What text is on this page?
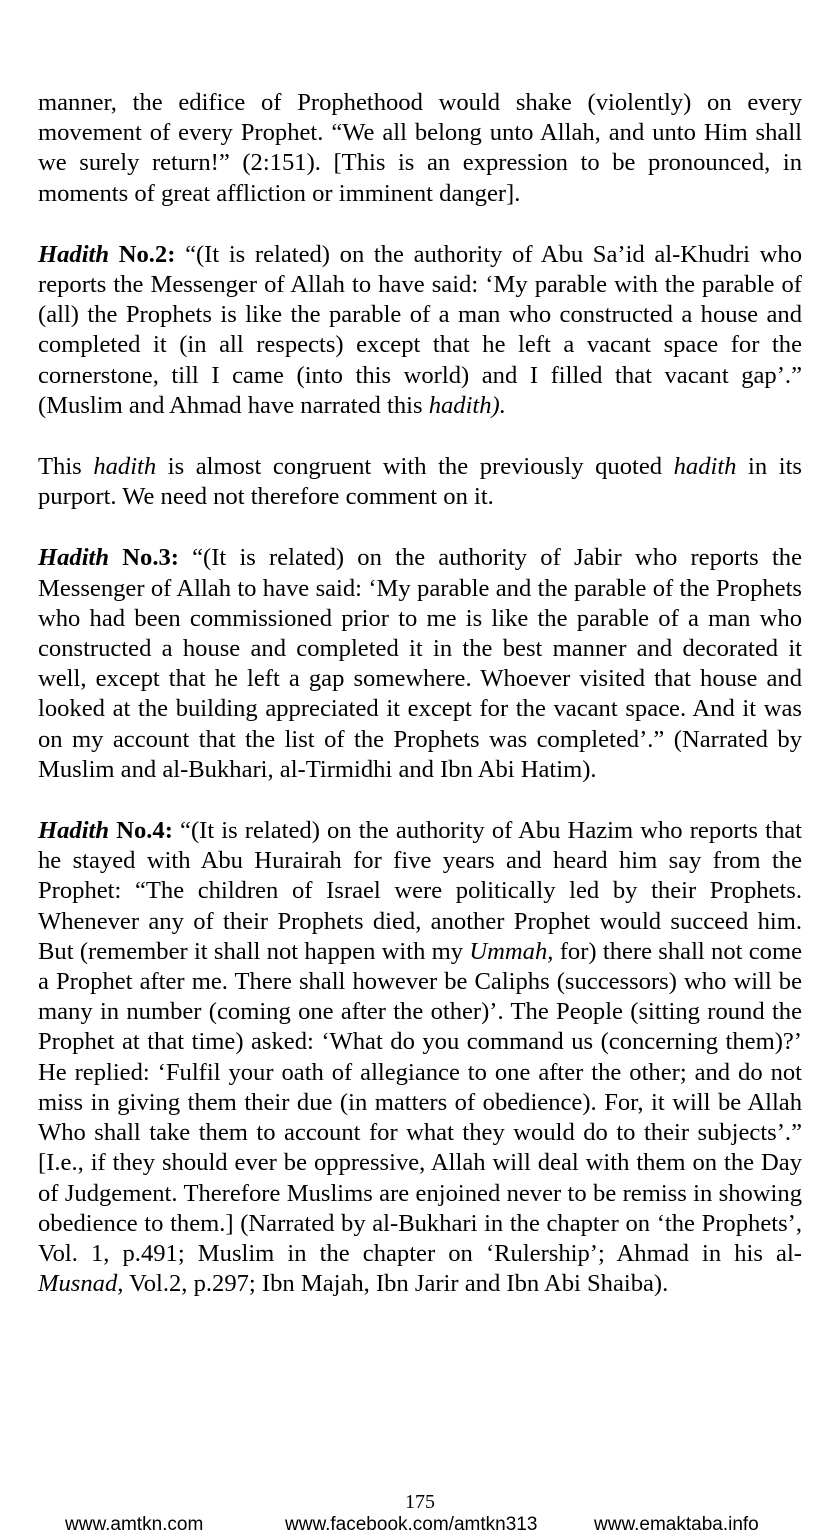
manner, the edifice of Prophethood would shake (violently) on every movement of every Prophet. “We all belong unto Allah, and unto Him shall we surely return!” (2:151). [This is an expression to be pronounced, in moments of great affliction or imminent danger].

Hadith No.2: “(It is related) on the authority of Abu Sa’id al-Khudri who reports the Messenger of Allah to have said: ‘My parable with the parable of (all) the Prophets is like the parable of a man who constructed a house and completed it (in all respects) except that he left a vacant space for the cornerstone, till I came (into this world) and I filled that vacant gap’.” (Muslim and Ahmad have narrated this hadith).

This hadith is almost congruent with the previously quoted hadith in its purport. We need not therefore comment on it.

Hadith No.3: “(It is related) on the authority of Jabir who reports the Messenger of Allah to have said: ‘My parable and the parable of the Prophets who had been commissioned prior to me is like the parable of a man who constructed a house and completed it in the best manner and decorated it well, except that he left a gap somewhere. Whoever visited that house and looked at the building appreciated it except for the vacant space. And it was on my account that the list of the Prophets was completed’.” (Narrated by Muslim and al-Bukhari, al-Tirmidhi and Ibn Abi Hatim).

Hadith No.4: “(It is related) on the authority of Abu Hazim who reports that he stayed with Abu Hurairah for five years and heard him say from the Prophet: “The children of Israel were politically led by their Prophets. Whenever any of their Prophets died, another Prophet would succeed him. But (remember it shall not happen with my Ummah, for) there shall not come a Prophet after me. There shall however be Caliphs (successors) who will be many in number (coming one after the other)’. The People (sitting round the Prophet at that time) asked: ‘What do you command us (concerning them)?’ He replied: ‘Fulfil your oath of allegiance to one after the other; and do not miss in giving them their due (in matters of obedience). For, it will be Allah Who shall take them to account for what they would do to their subjects’.” [I.e., if they should ever be oppressive, Allah will deal with them on the Day of Judgement. Therefore Muslims are enjoined never to be remiss in showing obedience to them.] (Narrated by al-Bukhari in the chapter on ‘the Prophets’, Vol. 1, p.491; Muslim in the chapter on ‘Rulership’; Ahmad in his al-Musnad, Vol.2, p.297; Ibn Majah, Ibn Jarir and Ibn Abi Shaiba).

175
www.amtkn.com	www.facebook.com/amtkn313	www.emaktaba.info
